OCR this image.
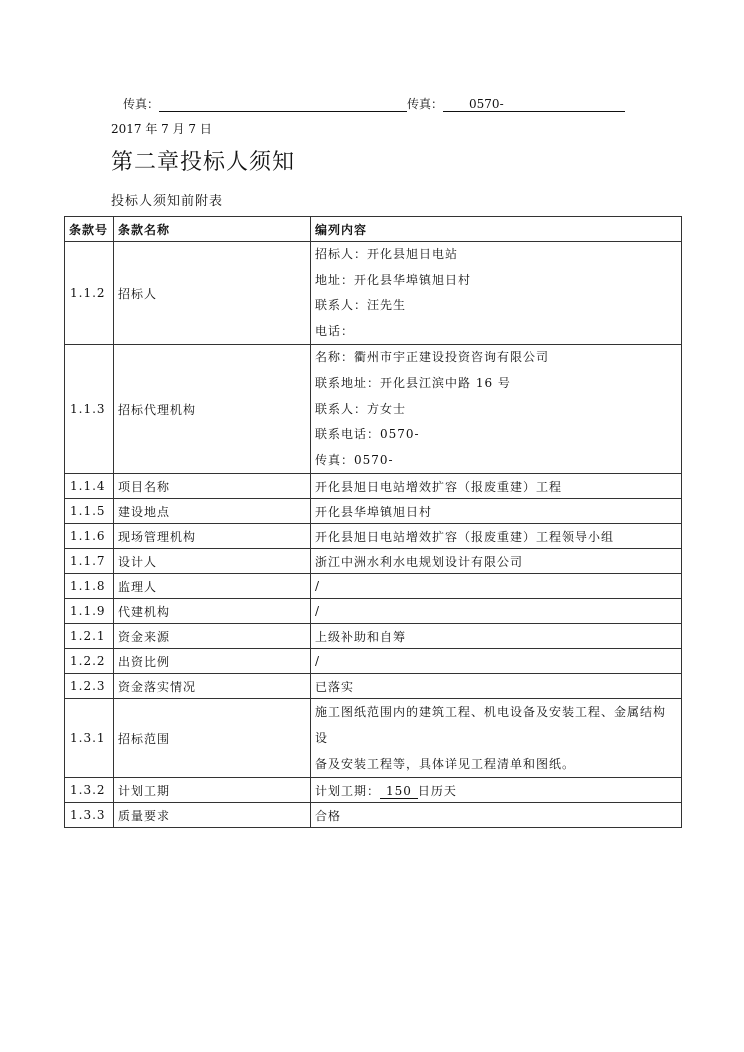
传真：	传真：	0570-
2017 年 7 月 7 日
第二章投标人须知
投标人须知前附表
条款号	条款名称	编列内容
1.1.2	招标人	招标人：开化县旭日电站
地址：开化县华埠镇旭日村
联系人：汪先生
电话：

1.1.3	招标代理机构	名称：衢州市宇正建设投资咨询有限公司
联系地址：开化县江滨中路 16 号
联系人：方女士
联系电话：0570-
传真：0570-

1.1.4	项目名称	开化县旭日电站增效扩容（报废重建）工程
1.1.5	建设地点	开化县华埠镇旭日村
1.1.6	现场管理机构	开化县旭日电站增效扩容（报废重建）工程领导小组
1.1.7	设计人	浙江中洲水利水电规划设计有限公司
1.1.8	监理人	/
1.1.9	代建机构	/
1.2.1	资金来源	上级补助和自筹
1.2.2	出资比例	/
1.2.3	资金落实情况	已落实
1.3.1	招标范围	施工图纸范围内的建筑工程、机电设备及安装工程、金属结构设
备及安装工程等，具体详见工程清单和图纸。

1.3.2	计划工期	计划工期： 150 日历天
1.3.3	质量要求	合格
